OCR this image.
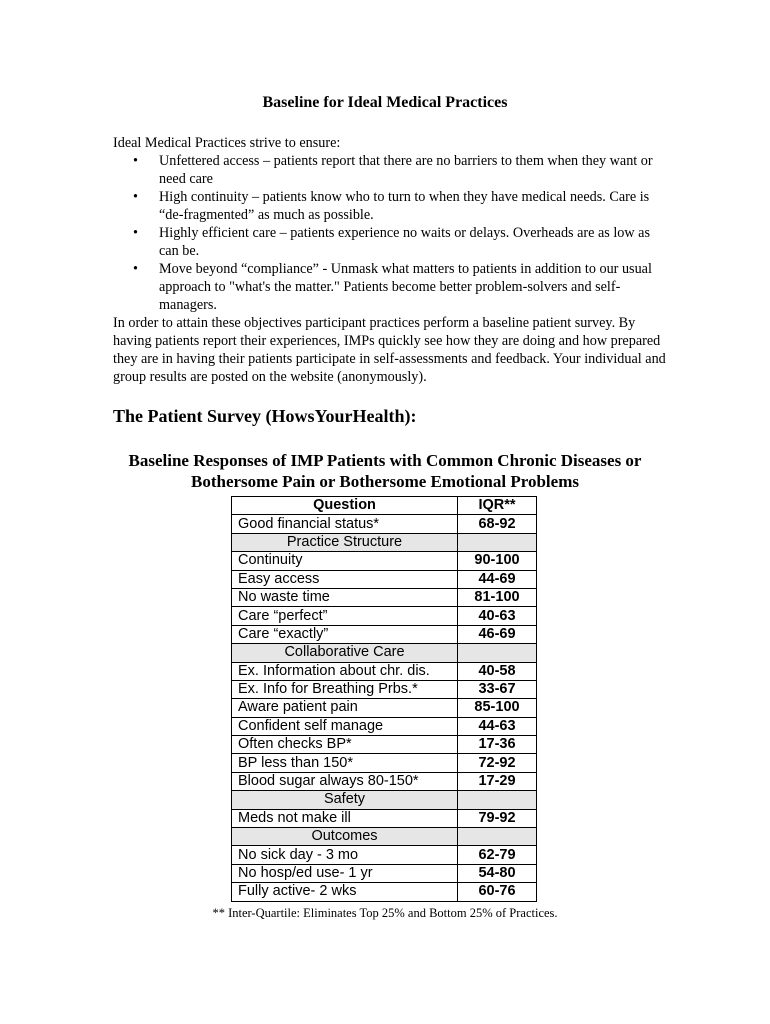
Baseline for Ideal Medical Practices

Ideal Medical Practices strive to ensure:

• Unfettered access – patients report that there are no barriers to them when they want or need care
• High continuity – patients know who to turn to when they have medical needs. Care is “de-fragmented” as much as possible.
• Highly efficient care – patients experience no waits or delays. Overheads are as low as can be.
• Move beyond “compliance” - Unmask what matters to patients in addition to our usual approach to "what's the matter." Patients become better problem-solvers and self-managers.

In order to attain these objectives participant practices perform a baseline patient survey. By having patients report their experiences, IMPs quickly see how they are doing and how prepared they are in having their patients participate in self-assessments and feedback. Your individual and group results are posted on the website (anonymously).

The Patient Survey (HowsYourHealth):
Baseline Responses of IMP Patients with Common Chronic Diseases or
Bothersome Pain or Bothersome Emotional Problems
Question	IQR**
Good financial status*	68-92
Practice Structure	
Continuity	90-100
Easy access	44-69
No waste time	81-100
Care “perfect”	40-63
Care “exactly”	46-69
Collaborative Care	
Ex. Information about chr. dis.	40-58
Ex. Info for Breathing Prbs.*	33-67
Aware patient pain	85-100
Confident self manage	44-63
Often checks BP*	17-36
BP less than 150*	72-92
Blood sugar always 80-150*	17-29
Safety	
Meds not make ill	79-92
Outcomes	
No sick day - 3 mo	62-79
No hosp/ed use- 1 yr	54-80
Fully active- 2 wks	60-76

** Inter-Quartile: Eliminates Top 25% and Bottom 25% of Practices.
